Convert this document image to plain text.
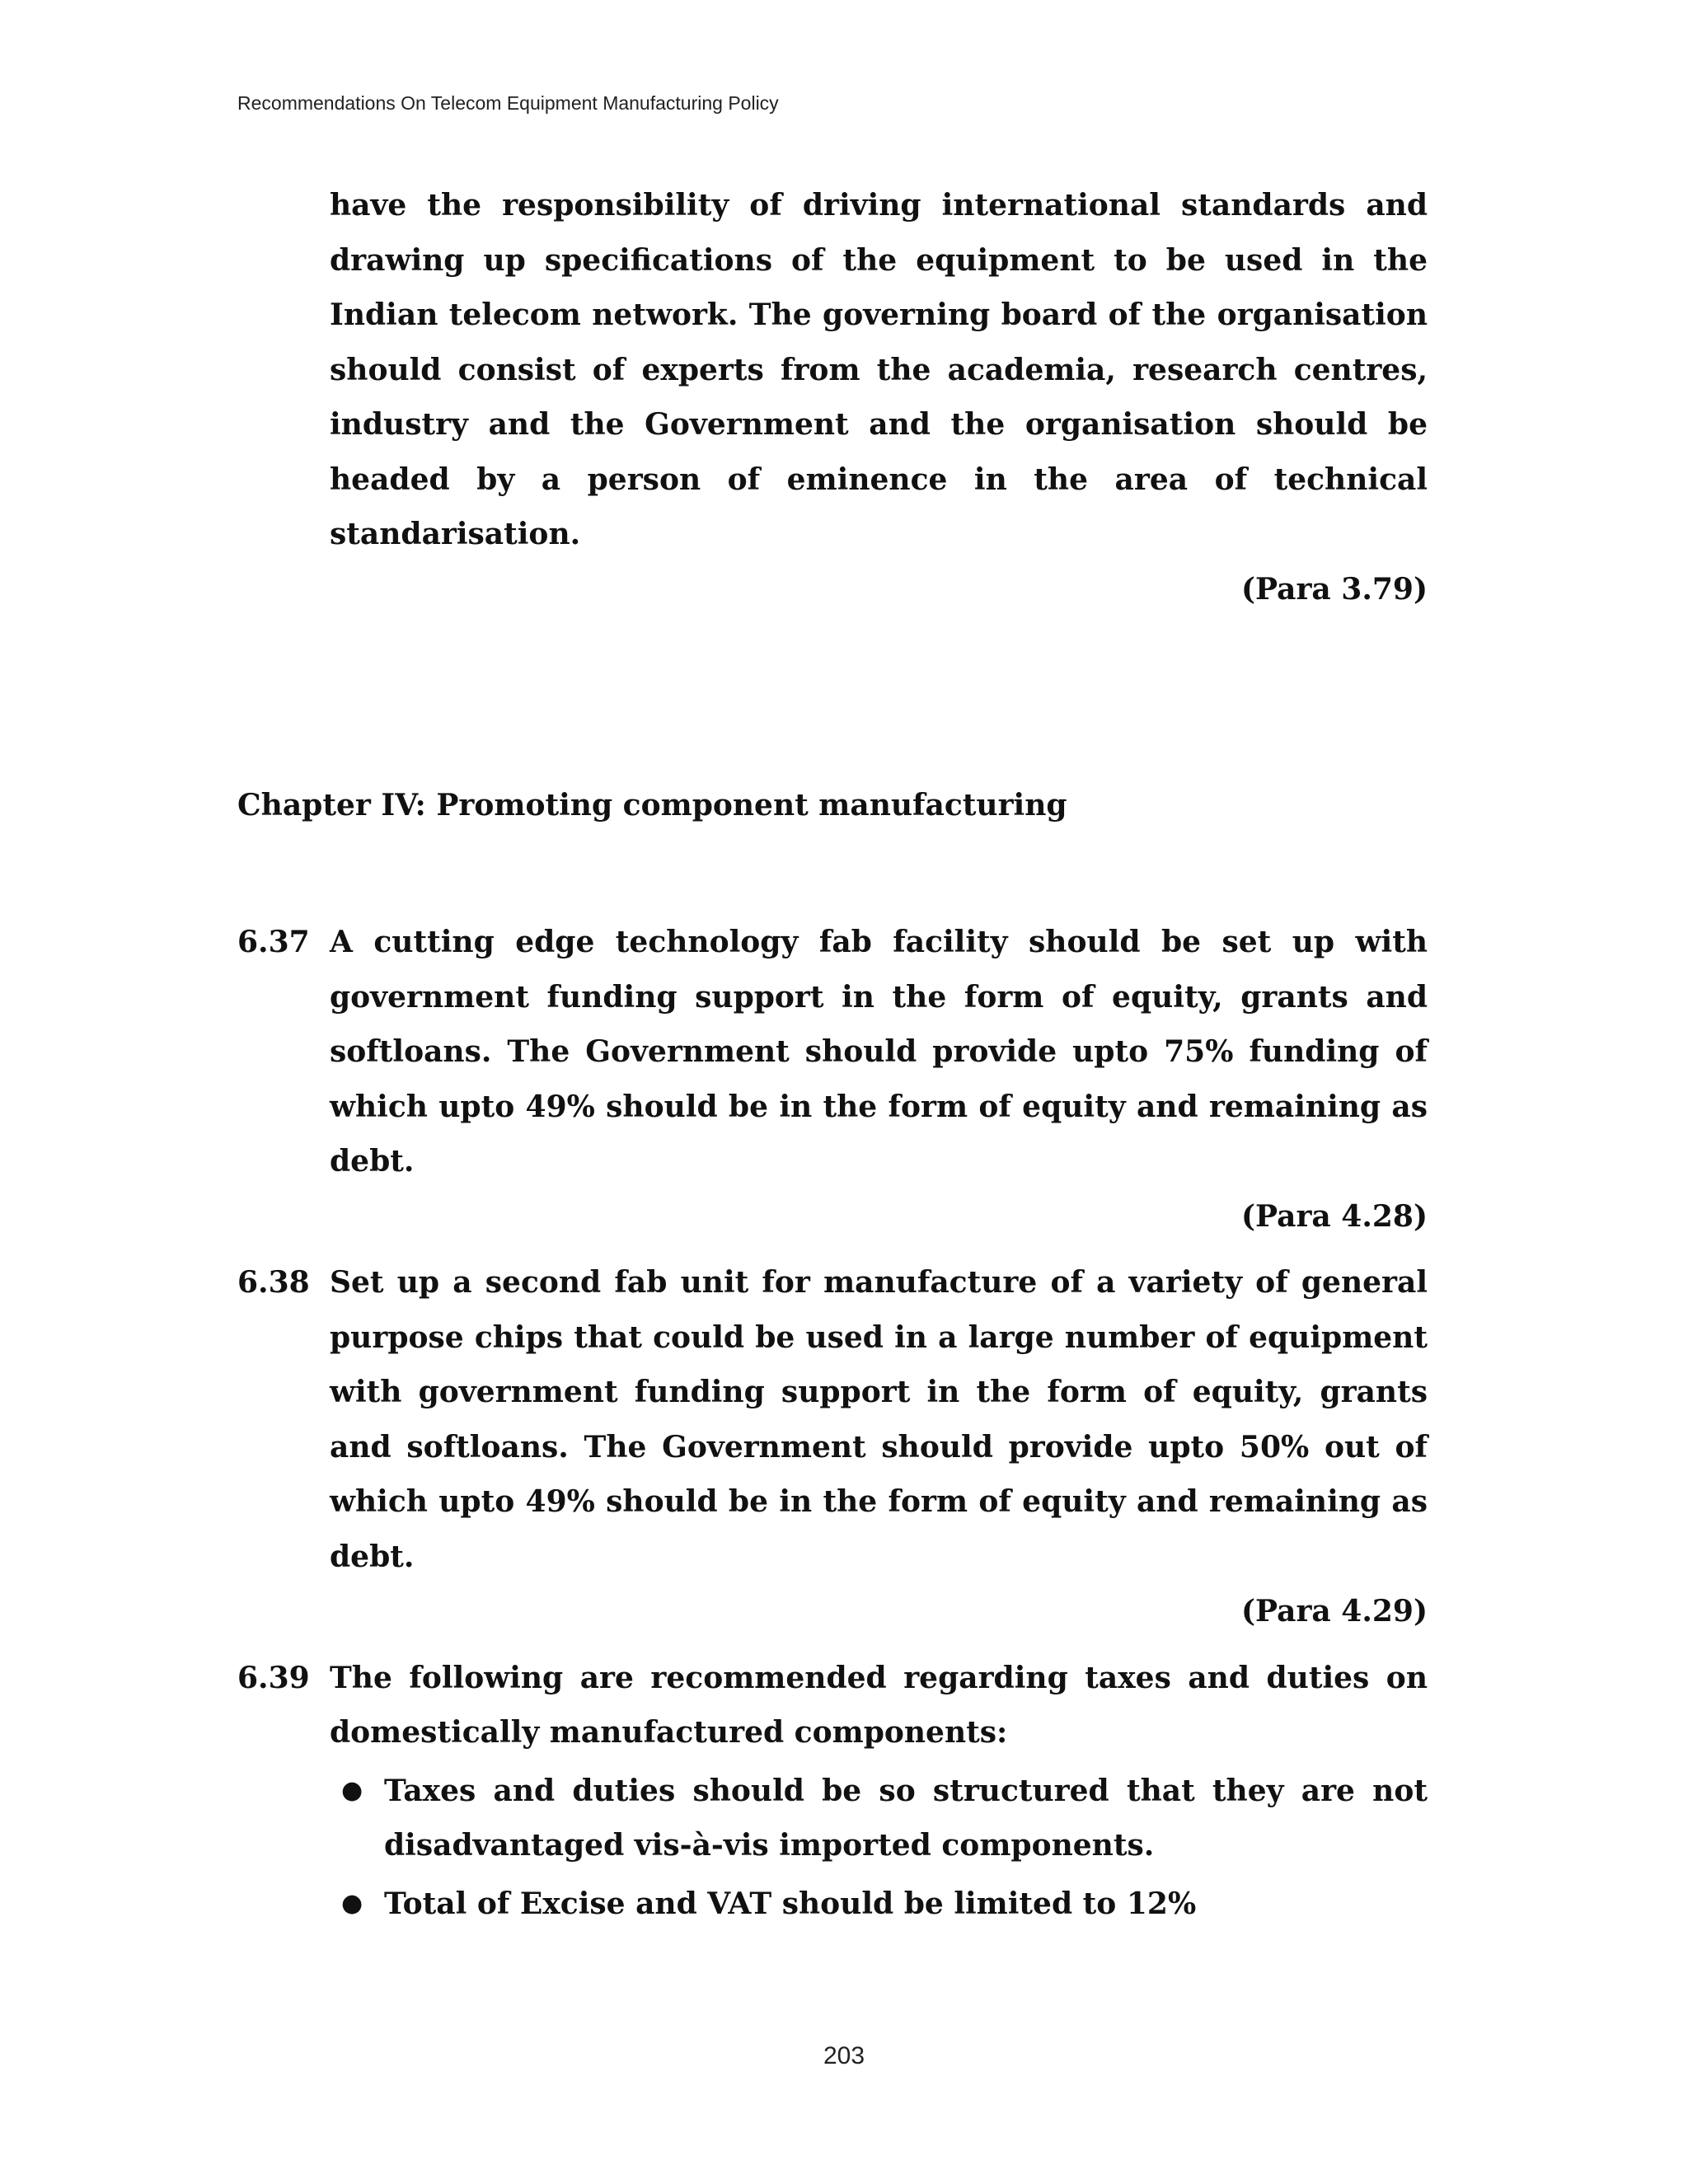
Recommendations On Telecom Equipment Manufacturing Policy

have the responsibility of driving international standards and drawing up specifications of the equipment to be used in the Indian telecom network. The governing board of the organisation should consist of experts from the academia, research centres, industry and the Government and the organisation should be headed by a person of eminence in the area of technical standarisation.

(Para 3.79)

Chapter IV: Promoting component manufacturing
6.37 A cutting edge technology fab facility should be set up with government funding support in the form of equity, grants and softloans. The Government should provide upto 75% funding of which upto 49% should be in the form of equity and remaining as debt.

(Para 4.28)

6.38 Set up a second fab unit for manufacture of a variety of general purpose chips that could be used in a large number of equipment with government funding support in the form of equity, grants and softloans. The Government should provide upto 50% out of which upto 49% should be in the form of equity and remaining as debt.

(Para 4.29)

6.39 The following are recommended regarding taxes and duties on domestically manufactured components:

● Taxes and duties should be so structured that they are not disadvantaged vis-à-vis imported components.

● Total of Excise and VAT should be limited to 12%

203
